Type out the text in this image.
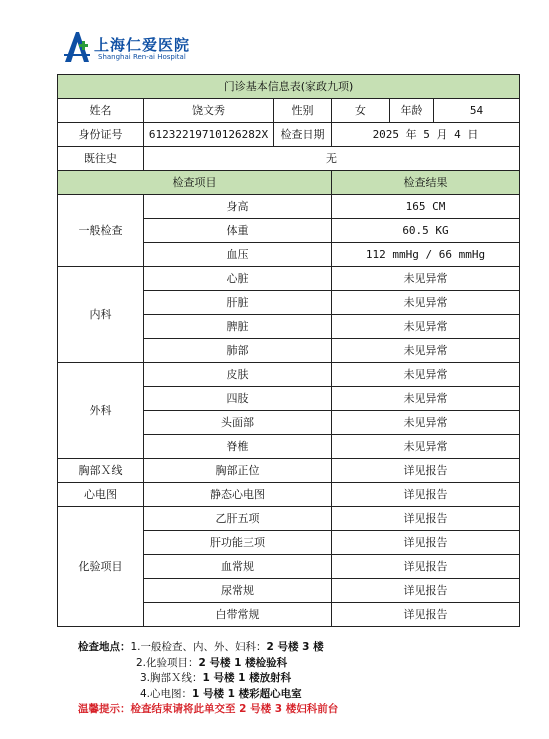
上海仁爱医院
Shanghai Ren-ai Hospital
门诊基本信息表(家政九项)					
姓名	饶文秀	性别	女	年龄	54
身份证号	61232219710126282X	检查日期	2025 年 5 月 4 日		
既往史	无				
检查项目			检查结果		
一般检查	身高		165 CM		
	体重		60.5 KG		
	血压		112 mmHg / 66 mmHg		
内科	心脏		未见异常		
	肝脏		未见异常		
	脾脏		未见异常		
	肺部		未见异常		
外科	皮肤		未见异常		
	四肢		未见异常		
	头面部		未见异常		
	脊椎		未见异常		
胸部Ｘ线	胸部正位		详见报告		
心电图	静态心电图		详见报告		
化验项目	乙肝五项		详见报告		
	肝功能三项		详见报告		
	血常规		详见报告		
	尿常规		详见报告		
	白带常规		详见报告		
检查地点：1.一般检查、内、外、妇科：2 号楼 3 楼
2.化验项目：2 号楼 1 楼检验科
3.胸部Ｘ线：1 号楼 1 楼放射科
4.心电图：1 号楼 1 楼彩超心电室
温馨提示：检查结束请将此单交至 2 号楼 3 楼妇科前台
